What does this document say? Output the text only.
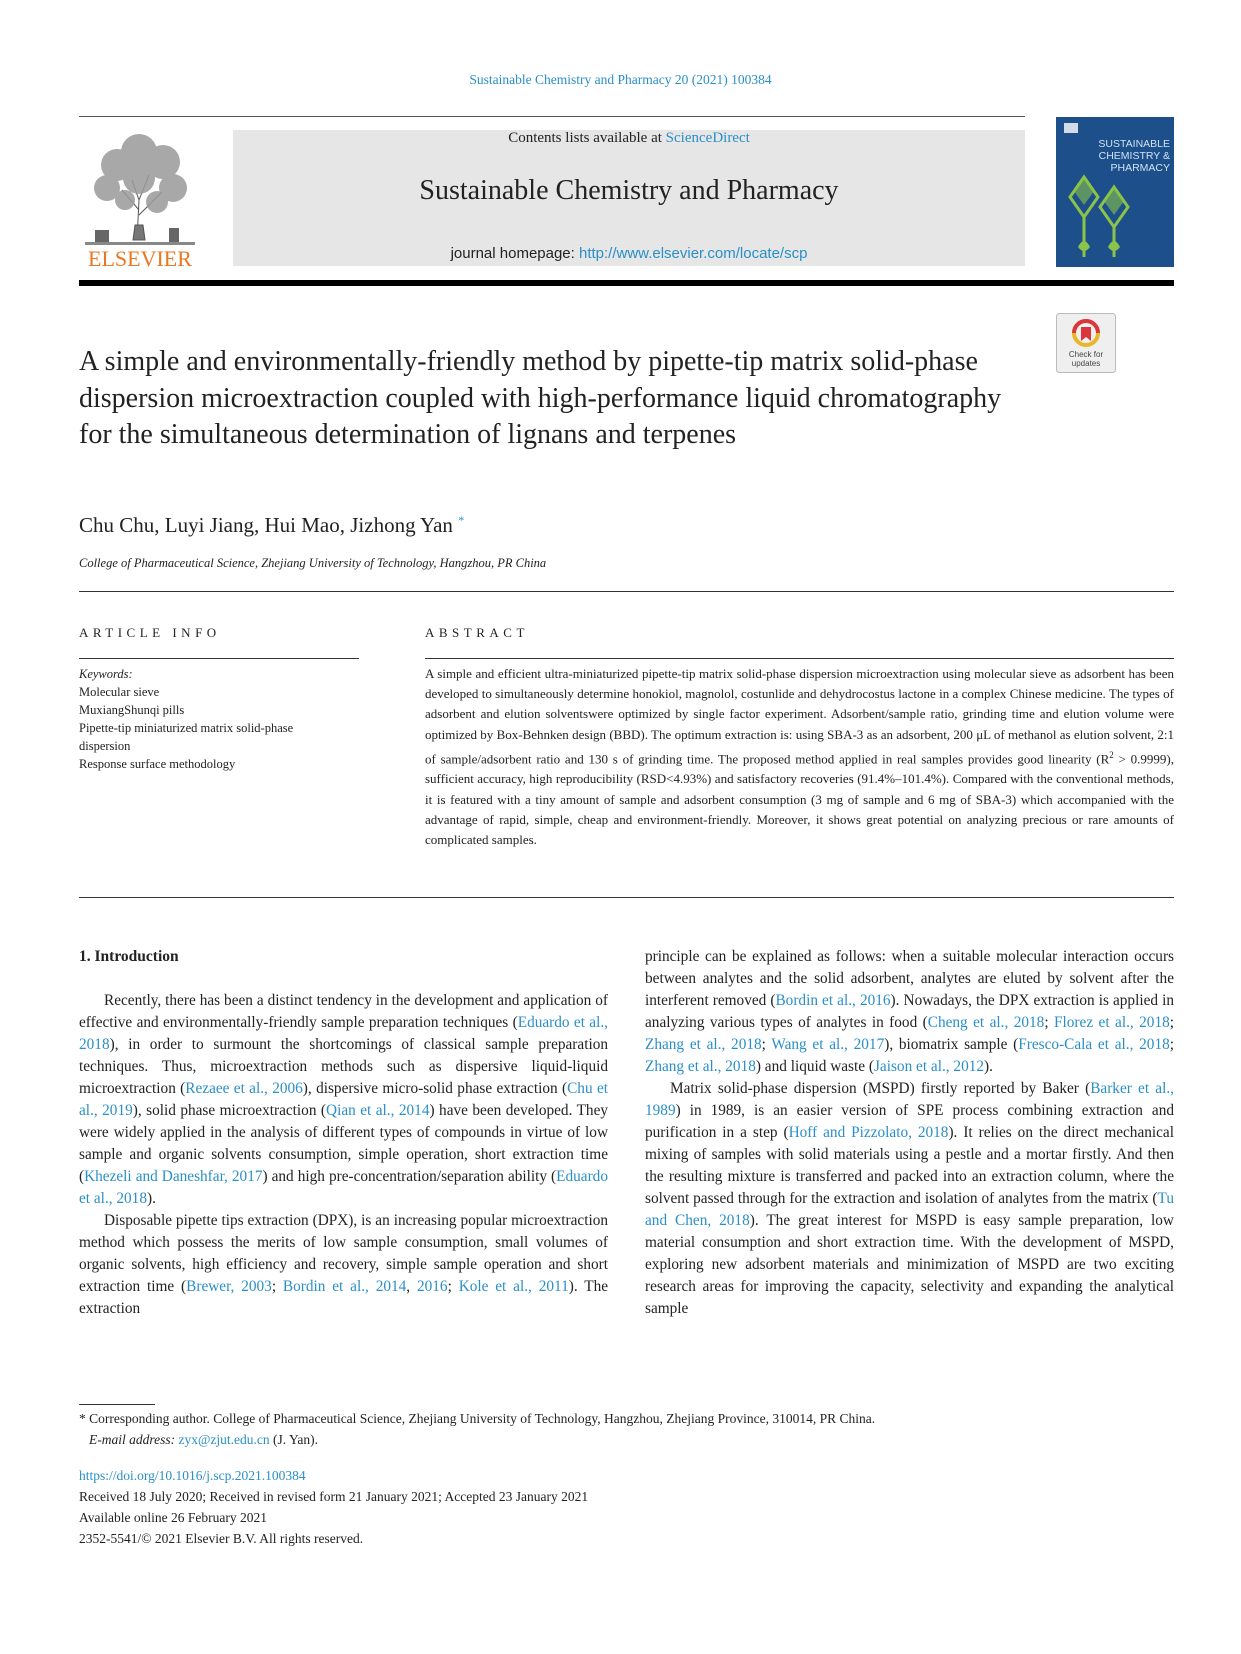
Sustainable Chemistry and Pharmacy 20 (2021) 100384
ELSEVIER
Contents lists available at ScienceDirect
Sustainable Chemistry and Pharmacy
journal homepage: http://www.elsevier.com/locate/scp
SUSTAINABLE
CHEMISTRY &
PHARMACY
Check for
updates
A simple and environmentally-friendly method by pipette-tip matrix solid-phase dispersion microextraction coupled with high-performance liquid chromatography for the simultaneous determination of lignans and terpenes
Chu Chu, Luyi Jiang, Hui Mao, Jizhong Yan *
College of Pharmaceutical Science, Zhejiang University of Technology, Hangzhou, PR China
ARTICLE INFO
Keywords:
Molecular sieve
MuxiangShunqi pills
Pipette-tip miniaturized matrix solid-phase
dispersion
Response surface methodology
ABSTRACT

A simple and efficient ultra-miniaturized pipette-tip matrix solid-phase dispersion microextraction using molecular sieve as adsorbent has been developed to simultaneously determine honokiol, magnolol, costunlide and dehydrocostus lactone in a complex Chinese medicine. The types of adsorbent and elution solventswere optimized by single factor experiment. Adsorbent/sample ratio, grinding time and elution volume were optimized by Box-Behnken design (BBD). The optimum extraction is: using SBA-3 as an adsorbent, 200 μL of methanol as elution solvent, 2:1 of sample/adsorbent ratio and 130 s of grinding time. The proposed method applied in real samples provides good linearity $(R^2 > 0.9999)$, sufficient accuracy, high reproducibility (RSD<4.93%) and satisfactory recoveries (91.4%–101.4%). Compared with the conventional methods, it is featured with a tiny amount of sample and adsorbent consumption (3 mg of sample and 6 mg of SBA-3) which accompanied with the advantage of rapid, simple, cheap and environment-friendly. Moreover, it shows great potential on analyzing precious or rare amounts of complicated samples.

1. Introduction

Recently, there has been a distinct tendency in the development and application of effective and environmentally-friendly sample preparation techniques (Eduardo et al., 2018), in order to surmount the shortcomings of classical sample preparation techniques. Thus, microextraction methods such as dispersive liquid-liquid microextraction (Rezaee et al., 2006), dispersive micro-solid phase extraction (Chu et al., 2019), solid phase microextraction (Qian et al., 2014) have been developed. They were widely applied in the analysis of different types of compounds in virtue of low sample and organic solvents consumption, simple operation, short extraction time (Khezeli and Daneshfar, 2017) and high pre-concentration/separation ability (Eduardo et al., 2018).

Disposable pipette tips extraction (DPX), is an increasing popular microextraction method which possess the merits of low sample consumption, small volumes of organic solvents, high efficiency and recovery, simple sample operation and short extraction time (Brewer, 2003; Bordin et al., 2014, 2016; Kole et al., 2011). The extraction

principle can be explained as follows: when a suitable molecular interaction occurs between analytes and the solid adsorbent, analytes are eluted by solvent after the interferent removed (Bordin et al., 2016). Nowadays, the DPX extraction is applied in analyzing various types of analytes in food (Cheng et al., 2018; Florez et al., 2018; Zhang et al., 2018; Wang et al., 2017), biomatrix sample (Fresco-Cala et al., 2018; Zhang et al., 2018) and liquid waste (Jaison et al., 2012).

Matrix solid-phase dispersion (MSPD) firstly reported by Baker (Barker et al., 1989) in 1989, is an easier version of SPE process combining extraction and purification in a step (Hoff and Pizzolato, 2018). It relies on the direct mechanical mixing of samples with solid materials using a pestle and a mortar firstly. And then the resulting mixture is transferred and packed into an extraction column, where the solvent passed through for the extraction and isolation of analytes from the matrix (Tu and Chen, 2018). The great interest for MSPD is easy sample preparation, low material consumption and short extraction time. With the development of MSPD, exploring new adsorbent materials and minimization of MSPD are two exciting research areas for improving the capacity, selectivity and expanding the analytical sample

* Corresponding author. College of Pharmaceutical Science, Zhejiang University of Technology, Hangzhou, Zhejiang Province, 310014, PR China.
E-mail address: zyx@zjut.edu.cn (J. Yan).
https://doi.org/10.1016/j.scp.2021.100384
Received 18 July 2020; Received in revised form 21 January 2021; Accepted 23 January 2021
Available online 26 February 2021
2352-5541/© 2021 Elsevier B.V. All rights reserved.
